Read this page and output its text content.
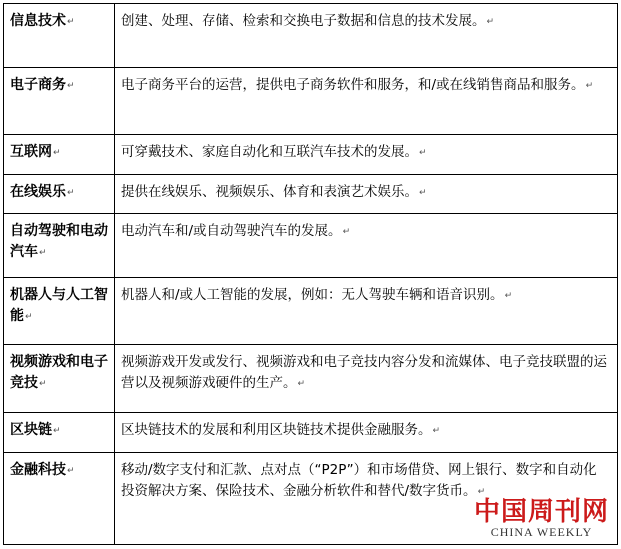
信息技术↵	创建、处理、存储、检索和交换电子数据和信息的技术发展。↵
电子商务↵	电子商务平台的运营，提供电子商务软件和服务，和/或在线销售商品和服务。↵
互联网↵	可穿戴技术、家庭自动化和互联汽车技术的发展。↵
在线娱乐↵	提供在线娱乐、视频娱乐、体育和表演艺术娱乐。↵
自动驾驶和电动汽车↵	电动汽车和/或自动驾驶汽车的发展。↵
机器人与人工智能↵	机器人和/或人工智能的发展，例如：无人驾驶车辆和语音识别。↵
视频游戏和电子竞技↵	视频游戏开发或发行、视频游戏和电子竞技内容分发和流媒体、电子竞技联盟的运营以及视频游戏硬件的生产。↵
区块链↵	区块链技术的发展和利用区块链技术提供金融服务。↵
金融科技↵	移动/数字支付和汇款、点对点（“P2P”）和市场借贷、网上银行、数字和自动化投资解决方案、保险技术、金融分析软件和替代/数字货币。↵
中国周刊网
CHINA WEEKLY
